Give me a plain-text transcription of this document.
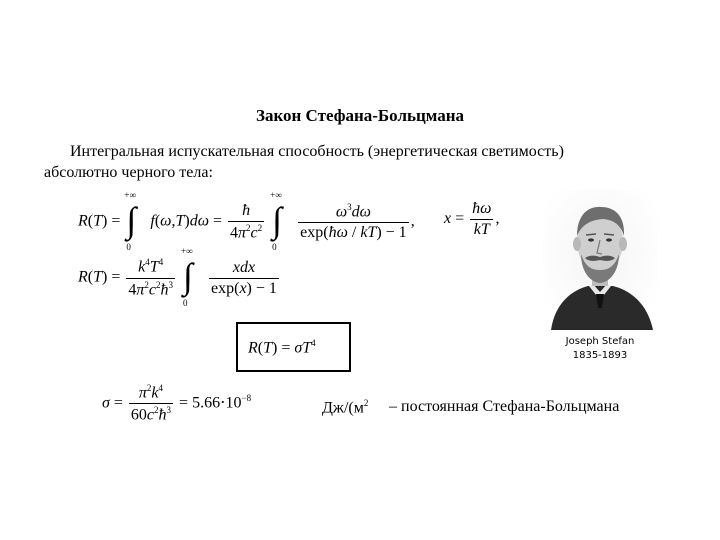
Закон Стефана-Больцмана
Интегральная испускательная способность (энергетическая светимость)
абсолютно черного тела:
R(T) =
+∞
∫
0
$f(\omega,T)d\omega = \frac{ħ}{4\pi^2c^2}$

+∞
∫
0

$\frac{\omega^3d\omega}{\exp(ħ\omega / kT) - 1}$ , $x = \frac{ħ\omega}{kT}$ ,
$R(T) = \frac{k^4T^4}{4\pi^2c^2ħ^3}$

+∞
∫
0

$\frac{\text{xdx}}{\exp(x) - 1}$
$R(T) = \sigma T^4$
$\sigma = \frac{\pi^2k^4}{60c^2ħ^3} = 5.66\cdot 10^{-8}$
$Дж/(м^2$ – постоянная Стефана-Больцмана
Joseph Stefan
1835-1893
